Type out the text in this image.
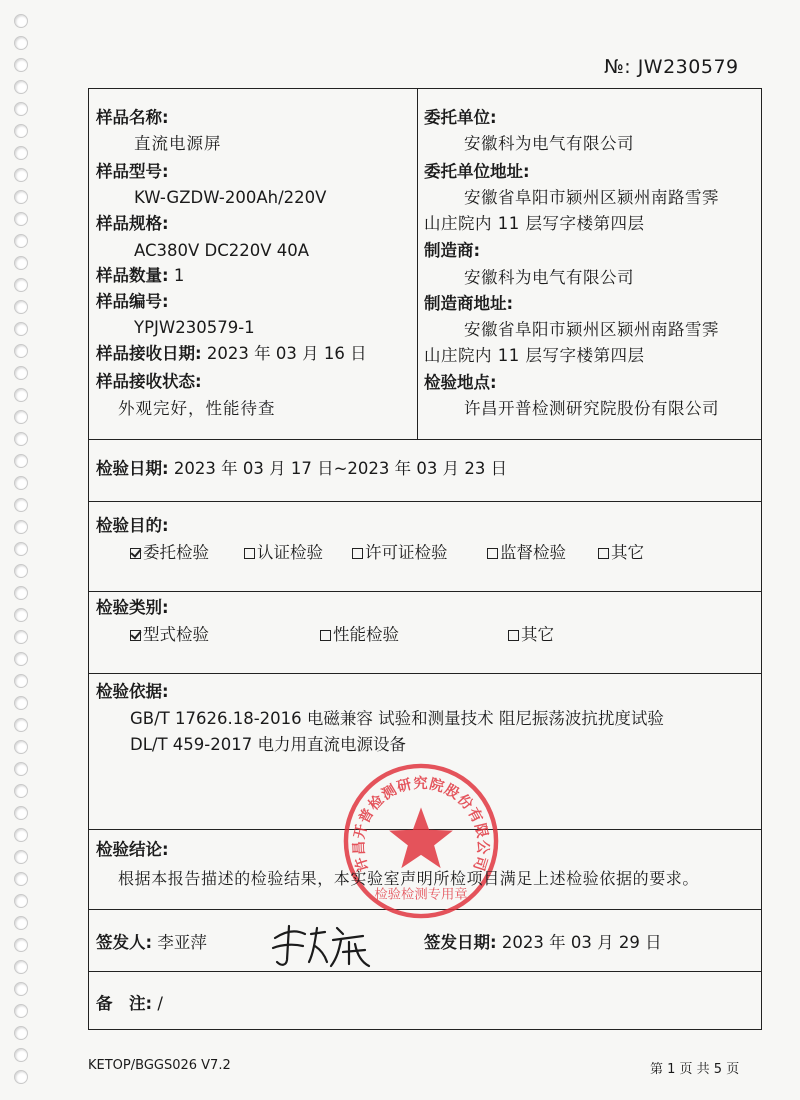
№: JW230579
样品名称:
直流电源屏
样品型号:
KW-GZDW-200Ah/220V
样品规格:
AC380V DC220V 40A
样品数量: 1
样品编号:
YPJW230579-1
样品接收日期: 2023 年 03 月 16 日
样品接收状态:
外观完好，性能待查
委托单位:
安徽科为电气有限公司
委托单位地址:
安徽省阜阳市颍州区颍州南路雪霁
山庄院内 11 层写字楼第四层
制造商:
安徽科为电气有限公司
制造商地址:
安徽省阜阳市颍州区颍州南路雪霁
山庄院内 11 层写字楼第四层
检验地点:
许昌开普检测研究院股份有限公司
检验日期: 2023 年 03 月 17 日~2023 年 03 月 23 日
检验目的:
委托检验	认证检验	许可证检验	监督检验	其它
检验类别:
型式检验	性能检验	其它
检验依据:
GB/T 17626.18-2016 电磁兼容 试验和测量技术 阻尼振荡波抗扰度试验
DL/T 459-2017 电力用直流电源设备
许昌开普检测研究院股份有限公司
检验检测专用章
检验结论:
根据本报告描述的检验结果，本实验室声明所检项目满足上述检验依据的要求。
签发人: 李亚萍	签发日期: 2023 年 03 月 29 日
备　注: /
KETOP/BGGS026 V7.2	第 1 页 共 5 页
